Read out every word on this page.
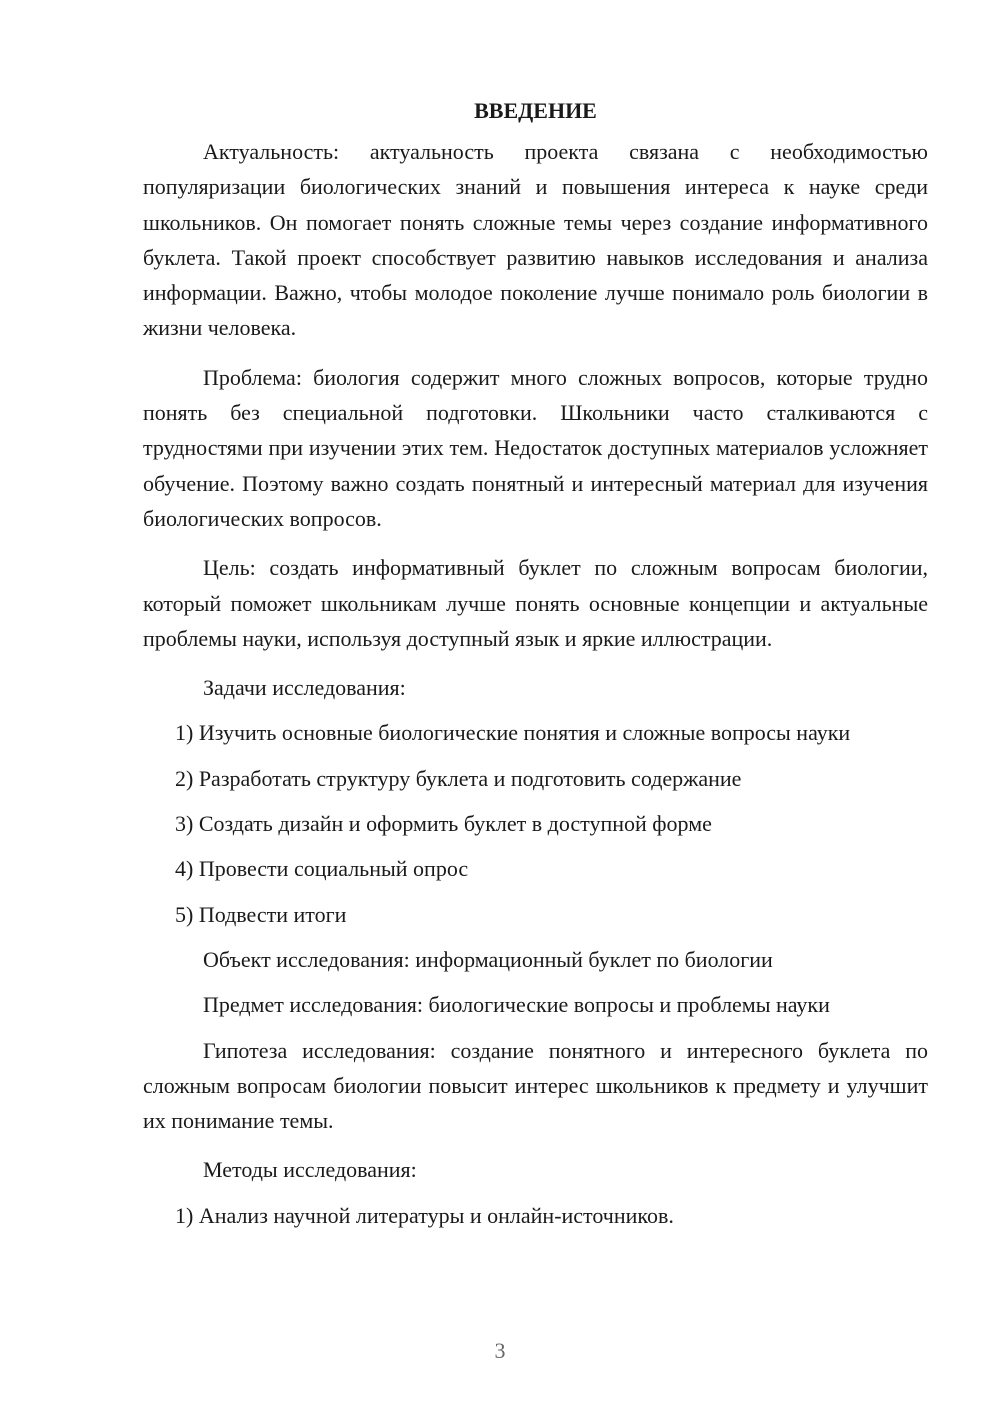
ВВЕДЕНИЕ

Актуальность: актуальность проекта связана с необходимостью популяризации биологических знаний и повышения интереса к науке среди школьников. Он помогает понять сложные темы через создание информативного буклета. Такой проект способствует развитию навыков исследования и анализа информации. Важно, чтобы молодое поколение лучше понимало роль биологии в жизни человека.

Проблема: биология содержит много сложных вопросов, которые трудно понять без специальной подготовки. Школьники часто сталкиваются с трудностями при изучении этих тем. Недостаток доступных материалов усложняет обучение. Поэтому важно создать понятный и интересный материал для изучения биологических вопросов.

Цель: создать информативный буклет по сложным вопросам биологии, который поможет школьникам лучше понять основные концепции и актуальные проблемы науки, используя доступный язык и яркие иллюстрации.

Задачи исследования:

1) Изучить основные биологические понятия и сложные вопросы науки

2) Разработать структуру буклета и подготовить содержание

3) Создать дизайн и оформить буклет в доступной форме

4) Провести социальный опрос

5) Подвести итоги

Объект исследования: информационный буклет по биологии

Предмет исследования: биологические вопросы и проблемы науки

Гипотеза исследования: создание понятного и интересного буклета по сложным вопросам биологии повысит интерес школьников к предмету и улучшит их понимание темы.

Методы исследования:

1) Анализ научной литературы и онлайн-источников.

3
